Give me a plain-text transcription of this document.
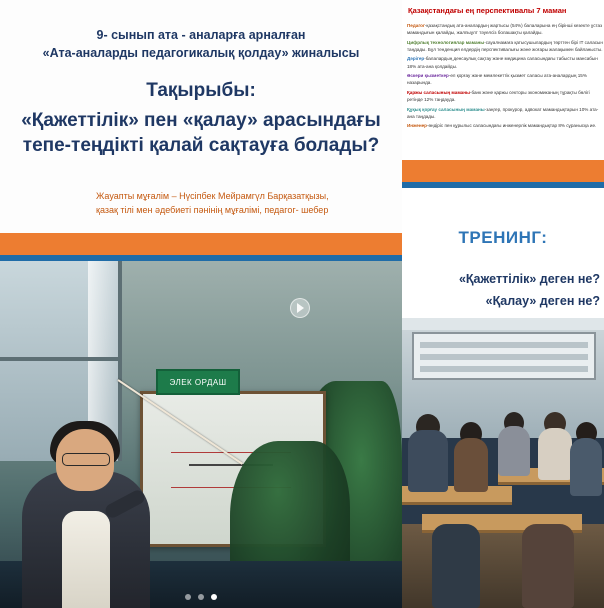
9- сынып ата - аналарға арналған
«Ата-аналарды педагогикалық қолдау» жиналысы
Тақырыбы:
«Қажеттілік» пен «қалау» арасындағы
тепе-теңдікті қалай сақтауға болады?
Жауапты мұғалім – Нүсіпбек Мейрамгүл Барқазатқызы,
қазақ тілі мен әдебиеті пәнінің мұғалімі, педагог- шебер
ЭЛЕК ОРДАШ
Қазақстандағы ең перспективалы 7 маман

Педагог-қазақстандық ата-аналардың жартысы (54%) балаларына ең бірінші кезекте ұстаз мамандығын қалайды, жалпыұлт тәуелсіз болашақты қалайды.

Цифрлық технологиялар маманы-сауалнамаға қатысушылардың төрттен бірі IT саласын таңдады. Бұл тенденция елдердің перспективалығы және жоғары жалақымен байланысты.

Дәрігер-балалардың денсаулық сақтау және медицина саласындағы табысты мансабын 18% ата-ана қолдайды.

Әскери қызметкер-ел қорғау және мемлекеттік қызмет саласы ата-аналардың 15% назарында.

Қаржы саласының маманы-банк және қаржы секторы экономиканың тұрақты бөлігі ретінде 12% таңдауда.

Құқық қорғау саласының маманы-заңгер, прокурор, адвокат мамандықтарын 10% ата-ана таңдады.

Инженер-өндіріс пен құрылыс саласындағы инженерлік мамандықтар 8% сұранысқа ие.

ТРЕНИНГ:
«Қажеттілік» деген не?
«Қалау» деген не?
